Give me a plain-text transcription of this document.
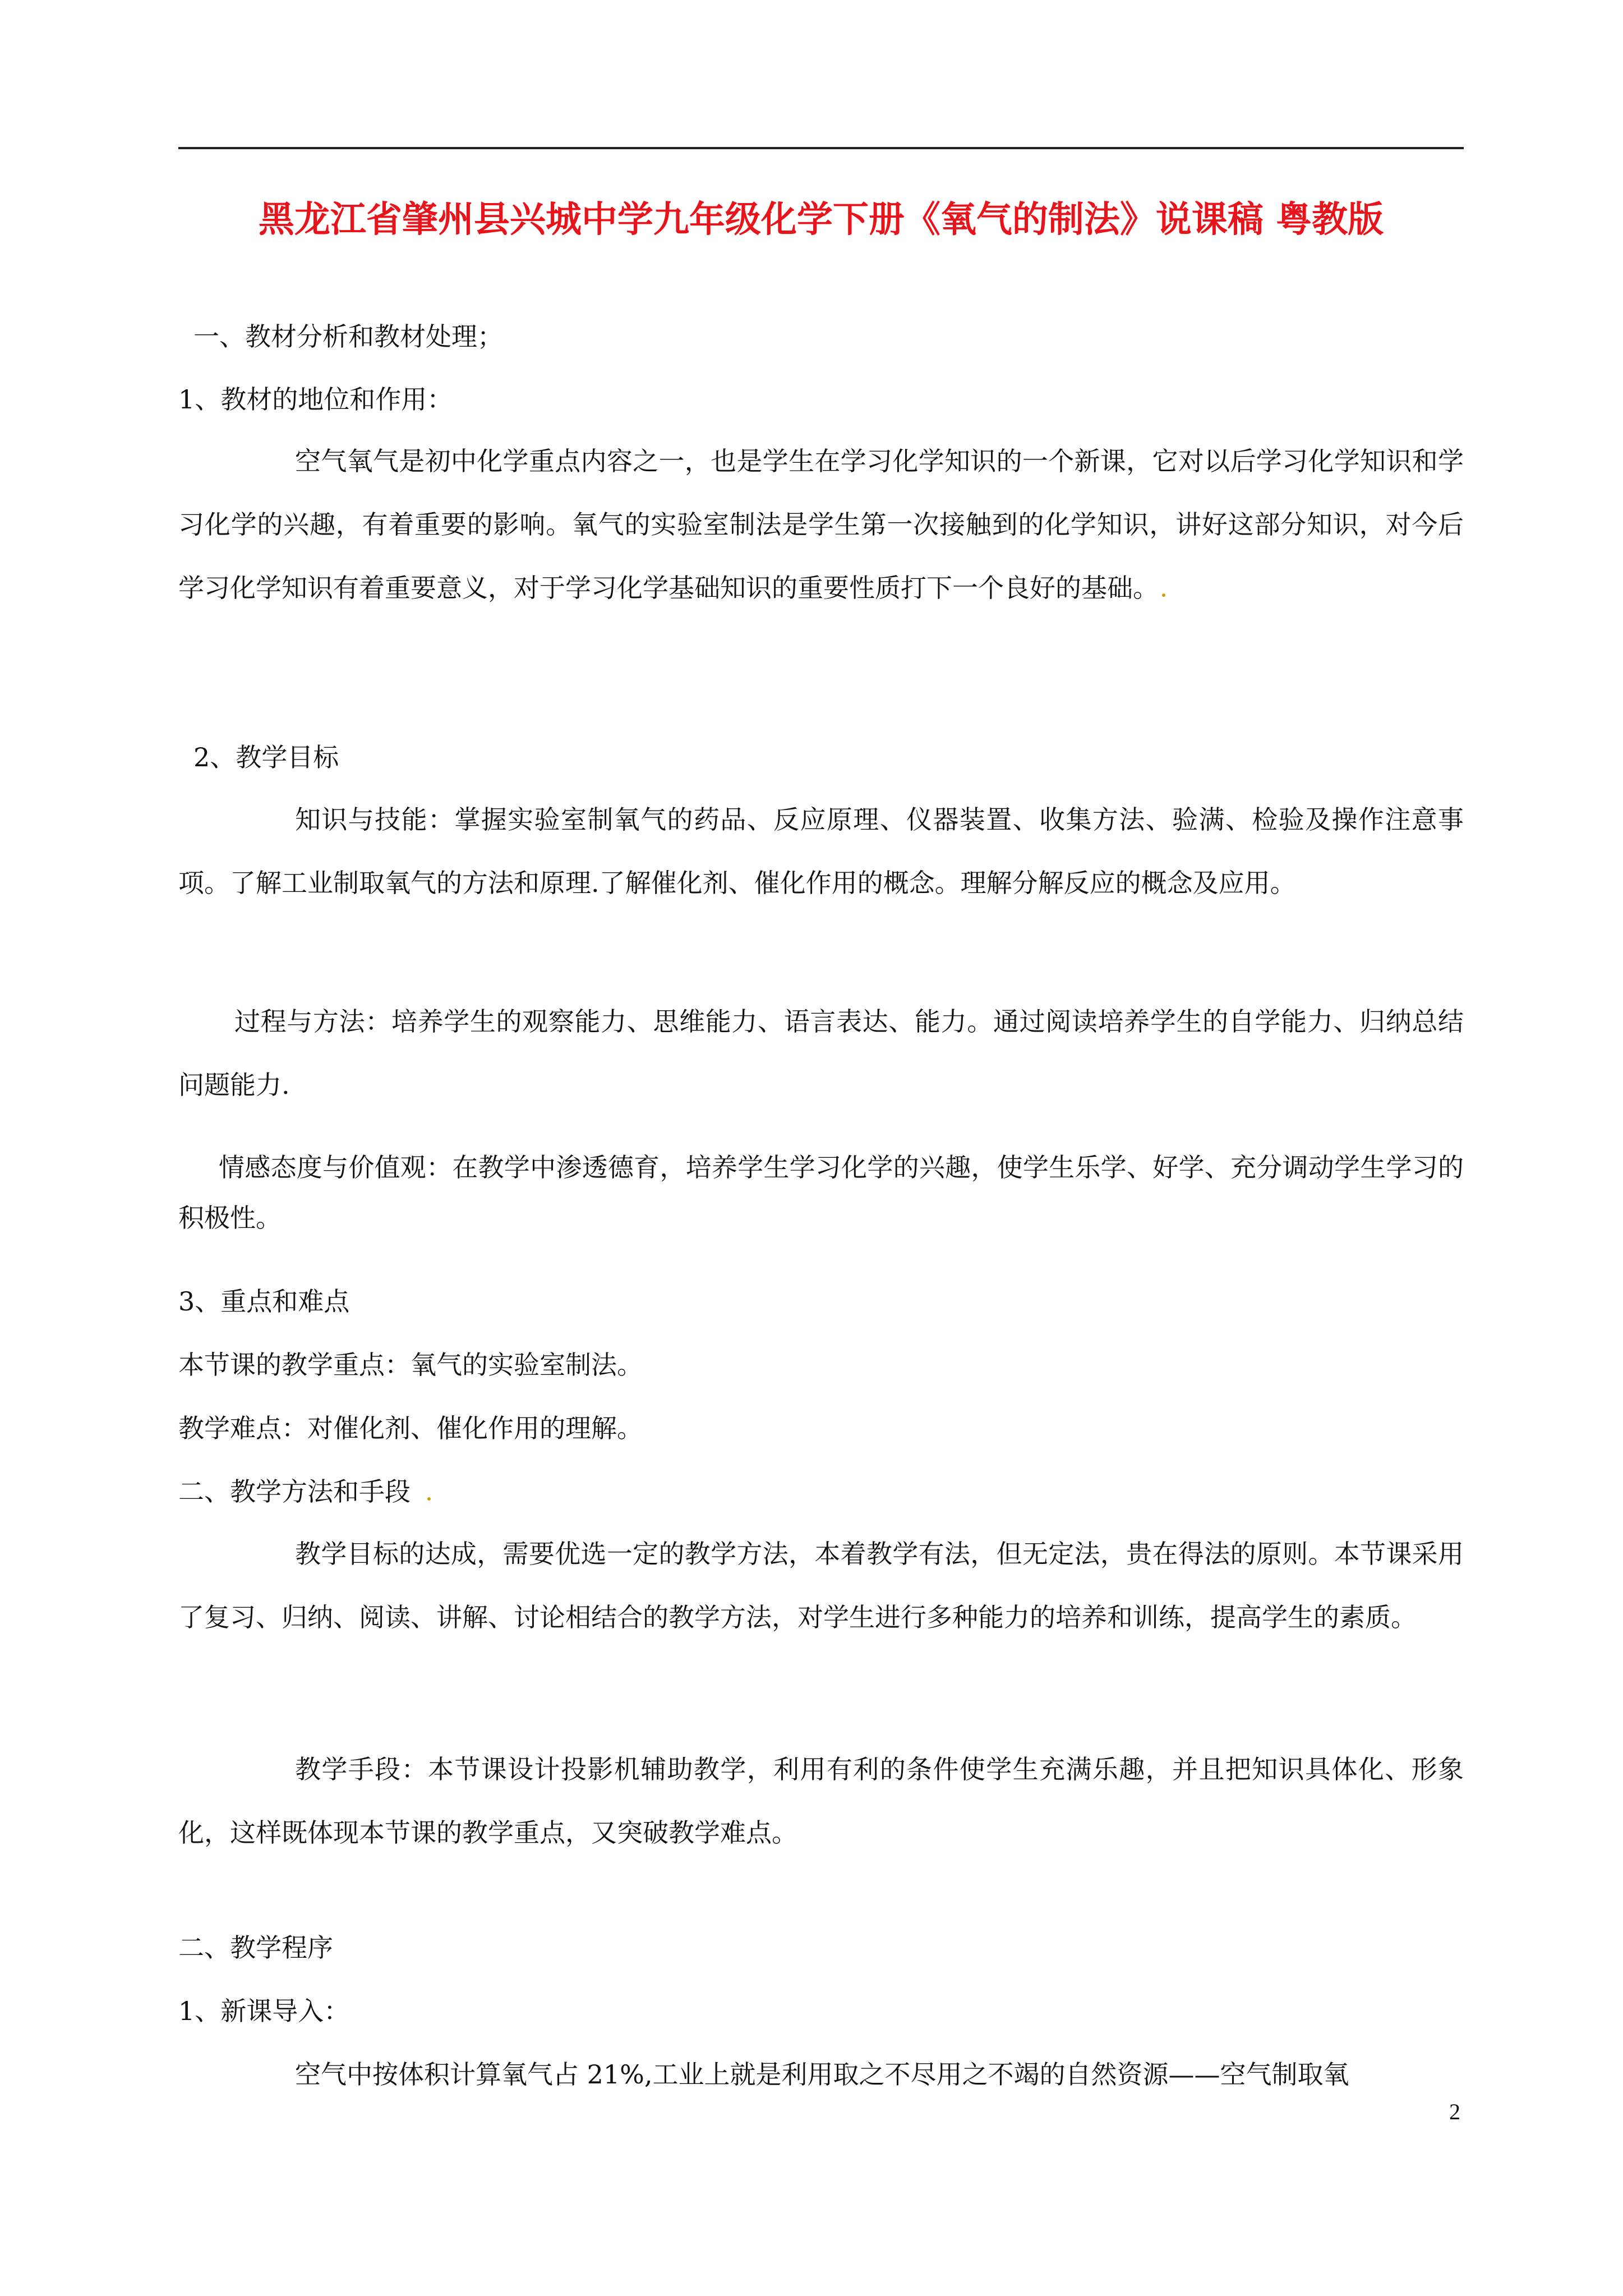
黑龙江省肇州县兴城中学九年级化学下册《氧气的制法》说课稿 粤教版
一、教材分析和教材处理；
1、教材的地位和作用：
空气氧气是初中化学重点内容之一，也是学生在学习化学知识的一个新课，它对以后学习化学知识和学习化学的兴趣，有着重要的影响。氧气的实验室制法是学生第一次接触到的化学知识，讲好这部分知识，对今后学习化学知识有着重要意义，对于学习化学基础知识的重要性质打下一个良好的基础。
2、教学目标
知识与技能：掌握实验室制氧气的药品、反应原理、仪器装置、收集方法、验满、检验及操作注意事项。了解工业制取氧气的方法和原理.了解催化剂、催化作用的概念。理解分解反应的概念及应用。
过程与方法：培养学生的观察能力、思维能力、语言表达、能力。通过阅读培养学生的自学能力、归纳总结问题能力.
情感态度与价值观：在教学中渗透德育，培养学生学习化学的兴趣，使学生乐学、好学、充分调动学生学习的积极性。
3、重点和难点
本节课的教学重点：氧气的实验室制法。
教学难点：对催化剂、催化作用的理解。
二、教学方法和手段
教学目标的达成，需要优选一定的教学方法，本着教学有法，但无定法，贵在得法的原则。本节课采用了复习、归纳、阅读、讲解、讨论相结合的教学方法，对学生进行多种能力的培养和训练，提高学生的素质。
教学手段：本节课设计投影机辅助教学，利用有利的条件使学生充满乐趣，并且把知识具体化、形象化，这样既体现本节课的教学重点，又突破教学难点。
二、教学程序
1、新课导入：
空气中按体积计算氧气占 21%,工业上就是利用取之不尽用之不竭的自然资源——空气制取氧
2
